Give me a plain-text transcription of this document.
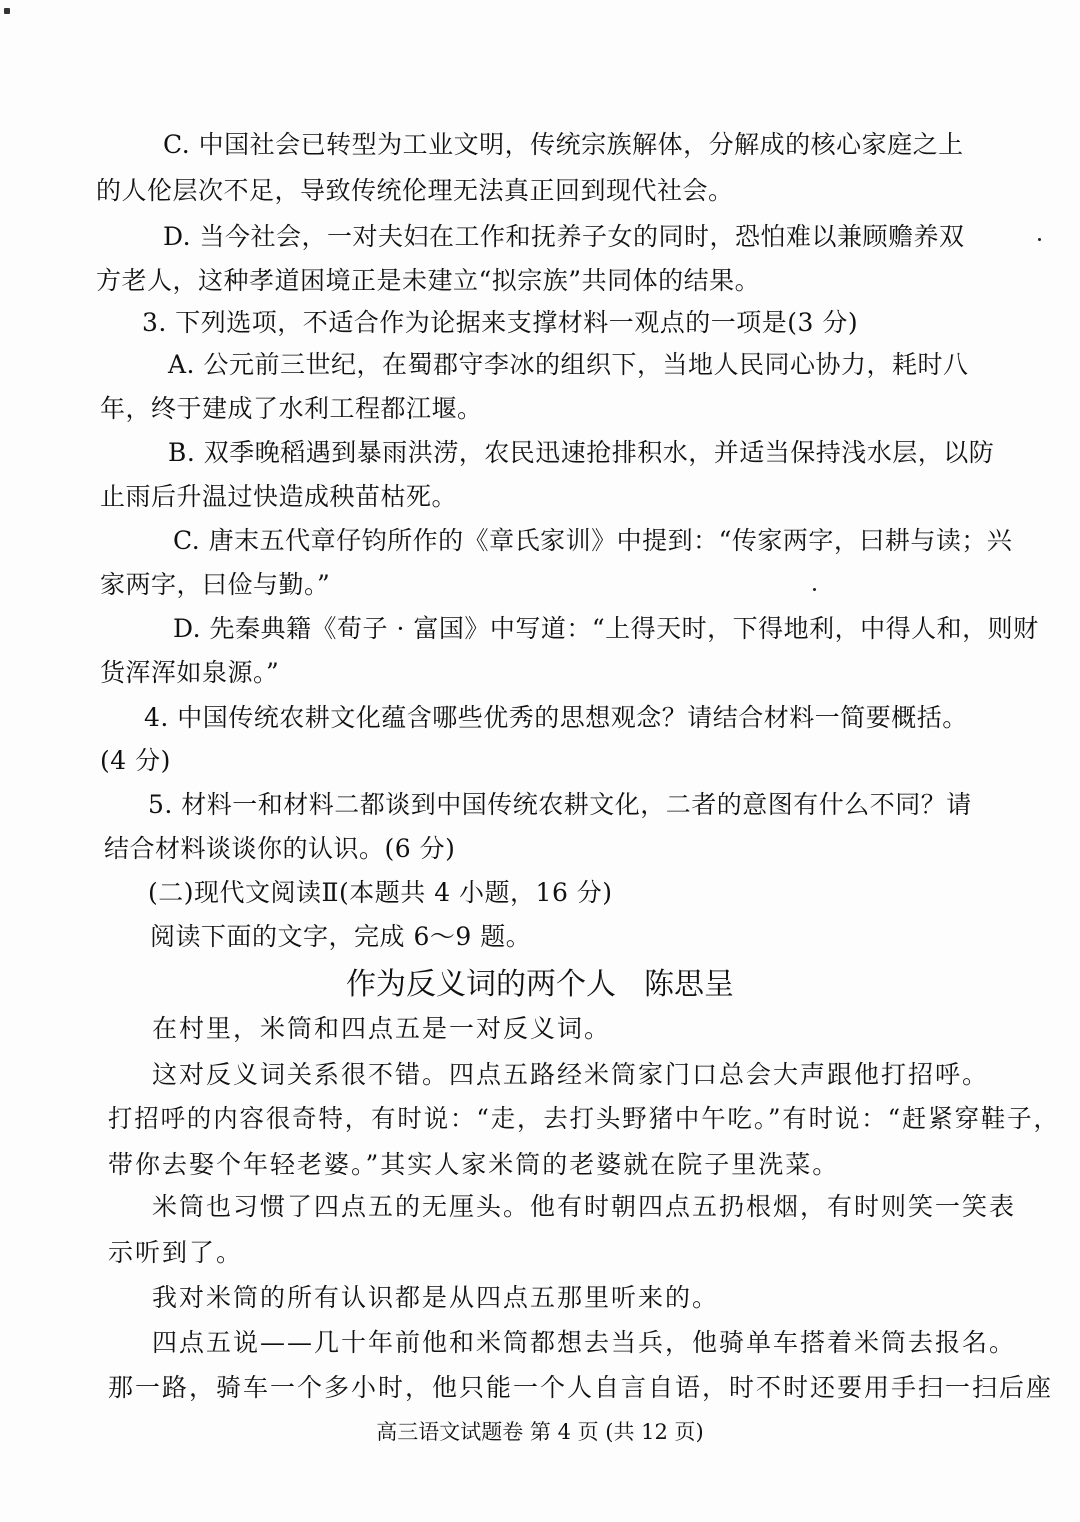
C. 中国社会已转型为工业文明，传统宗族解体，分解成的核心家庭之上
的人伦层次不足，导致传统伦理无法真正回到现代社会。
D. 当今社会，一对夫妇在工作和抚养子女的同时，恐怕难以兼顾赡养双
方老人，这种孝道困境正是未建立“拟宗族”共同体的结果。
3. 下列选项，不适合作为论据来支撑材料一观点的一项是(3 分)
A. 公元前三世纪，在蜀郡守李冰的组织下，当地人民同心协力，耗时八
年，终于建成了水利工程都江堰。
B. 双季晚稻遇到暴雨洪涝，农民迅速抢排积水，并适当保持浅水层，以防
止雨后升温过快造成秧苗枯死。
C. 唐末五代章仔钧所作的《章氏家训》中提到：“传家两字，曰耕与读；兴
家两字，曰俭与勤。”
D. 先秦典籍《荀子 · 富国》中写道：“上得天时，下得地利，中得人和，则财
货浑浑如泉源。”
4. 中国传统农耕文化蕴含哪些优秀的思想观念？请结合材料一简要概括。
(4 分)
5. 材料一和材料二都谈到中国传统农耕文化，二者的意图有什么不同？请
结合材料谈谈你的认识。(6 分)
(二)现代文阅读Ⅱ(本题共 4 小题，16 分)
阅读下面的文字，完成 6～9 题。
作为反义词的两个人 陈思呈
在村里，米筒和四点五是一对反义词。
这对反义词关系很不错。四点五路经米筒家门口总会大声跟他打招呼。
打招呼的内容很奇特，有时说：“走，去打头野猪中午吃。”有时说：“赶紧穿鞋子，
带你去娶个年轻老婆。”其实人家米筒的老婆就在院子里洗菜。
米筒也习惯了四点五的无厘头。他有时朝四点五扔根烟，有时则笑一笑表
示听到了。
我对米筒的所有认识都是从四点五那里听来的。
四点五说——几十年前他和米筒都想去当兵，他骑单车搭着米筒去报名。
那一路，骑车一个多小时，他只能一个人自言自语，时不时还要用手扫一扫后座
高三语文试题卷 第 4 页 (共 12 页)
